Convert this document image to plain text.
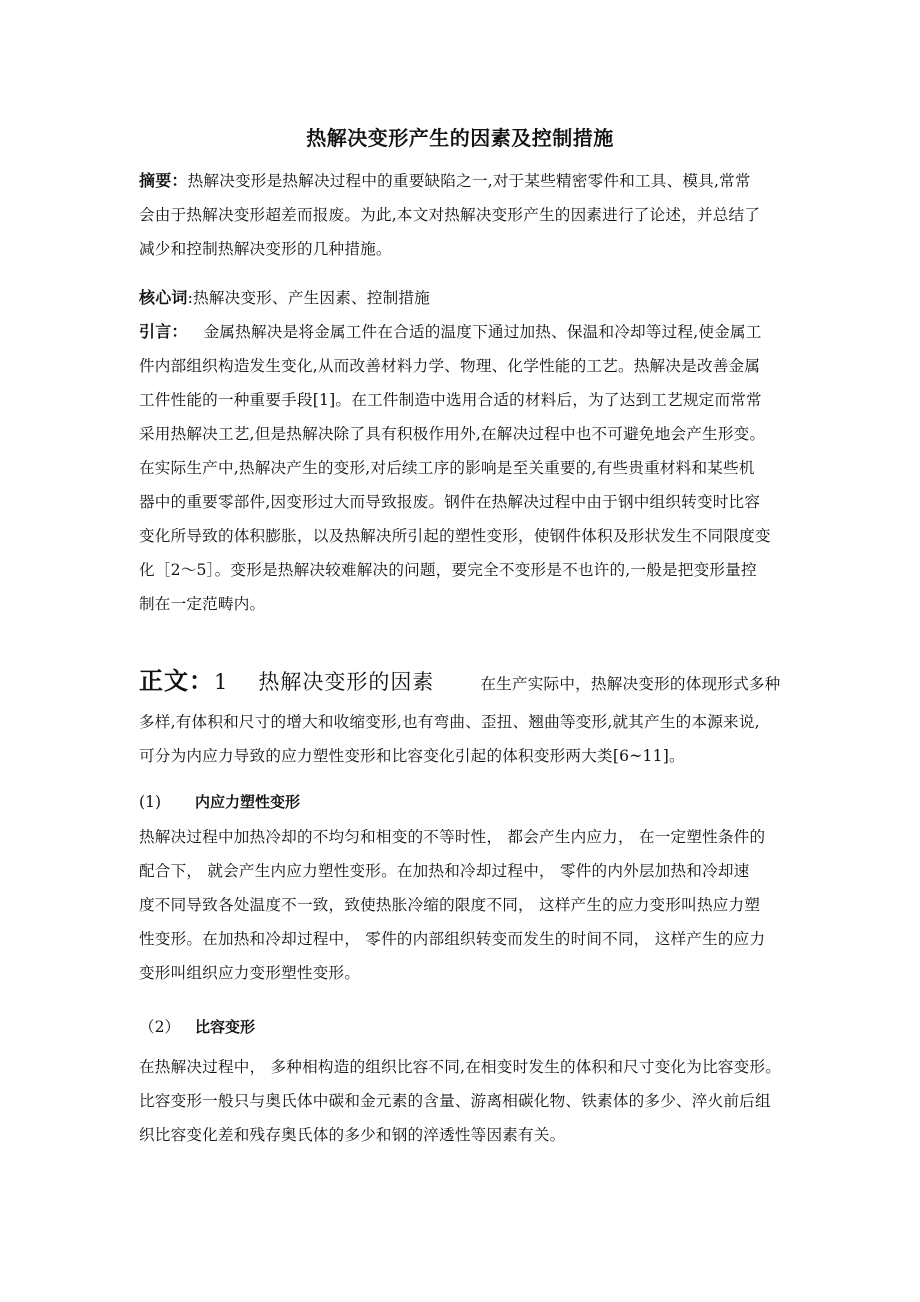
热解决变形产生的因素及控制措施
摘要：热解决变形是热解决过程中的重要缺陷之一,对于某些精密零件和工具、模具,常常
会由于热解决变形超差而报废。为此,本文对热解决变形产生的因素进行了论述，并总结了
减少和控制热解决变形的几种措施。
核心词:热解决变形、产生因素、控制措施
引言： 金属热解决是将金属工件在合适的温度下通过加热、保温和冷却等过程,使金属工
件内部组织构造发生变化,从而改善材料力学、物理、化学性能的工艺。热解决是改善金属
工件性能的一种重要手段[1]。在工件制造中选用合适的材料后，为了达到工艺规定而常常
采用热解决工艺,但是热解决除了具有积极作用外,在解决过程中也不可避免地会产生形变。
在实际生产中,热解决产生的变形,对后续工序的影响是至关重要的,有些贵重材料和某些机
器中的重要零部件,因变形过大而导致报废。钢件在热解决过程中由于钢中组织转变时比容
变化所导致的体积膨胀，以及热解决所引起的塑性变形，使钢件体积及形状发生不同限度变
化［2～5］。变形是热解决较难解决的问题，要完全不变形是不也许的,一般是把变形量控
制在一定范畴内。
正文：1 热解决变形的因素	在生产实际中，热解决变形的体现形式多种
多样,有体积和尺寸的增大和收缩变形,也有弯曲、歪扭、翘曲等变形,就其产生的本源来说,
可分为内应力导致的应力塑性变形和比容变化引起的体积变形两大类[6~11]。
(1) 内应力塑性变形
热解决过程中加热冷却的不均匀和相变的不等时性， 都会产生内应力， 在一定塑性条件的
配合下， 就会产生内应力塑性变形。在加热和冷却过程中， 零件的内外层加热和冷却速
度不同导致各处温度不一致，致使热胀冷缩的限度不同， 这样产生的应力变形叫热应力塑
性变形。在加热和冷却过程中， 零件的内部组织转变而发生的时间不同， 这样产生的应力
变形叫组织应力变形塑性变形。
（2） 比容变形
在热解决过程中， 多种相构造的组织比容不同,在相变时发生的体积和尺寸变化为比容变形。
比容变形一般只与奥氏体中碳和金元素的含量、游离相碳化物、铁素体的多少、淬火前后组
织比容变化差和残存奥氏体的多少和钢的淬透性等因素有关。
